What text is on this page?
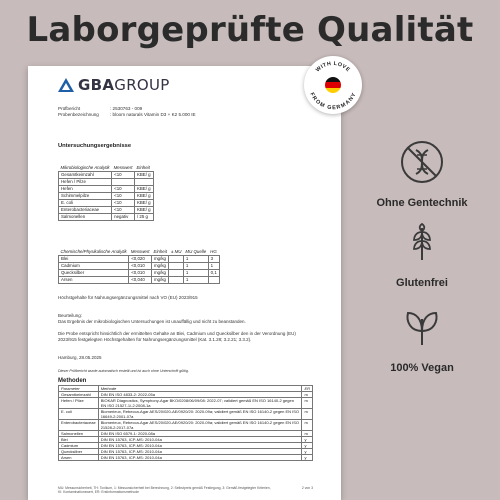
Laborgeprüfte Qualität
GBAGROUP
Prüfbericht	: 2530763 - 009
Probenbezeichnung	: bloom naturals Vitamin D3 + K2 5.000 IE
Untersuchungsergebnisse
Mikrobiologische Analytik	Messwert	Einheit
Gesamtkeimzahl	<10	KBE/ g
Hefen / Pilze		
Hefen	<10	KBE/ g
Schimmelpilze	<10	KBE/ g
E. coli	<10	KBE/ g
Enterobacteriaceae	<10	KBE/ g
Salmonellen	negativ	/ 25 g
Chemische/Physikalische Analytik	Messwert	Einheit	± MU	MU Quelle	HG
Blei	<0,020	mg/kg		1	3
Cadmium	<0,010	mg/kg		1	1
Quecksilber	<0,010	mg/kg		1	0,1
Arsen	<0,040	mg/kg		1	
Höchstgehalte für Nahrungsergänzungsmittel nach VO (EU) 2023/915
Beurteilung:
Das Ergebnis der mikrobiologischen Untersuchungen ist unauffällig und nicht zu beanstanden.
Die Probe entspricht hinsichtlich der ermittelten Gehalte an Blei, Cadmium und Quecksilber den in der Verordnung (EU) 2023/915 festgelegten Höchstgehalten für Nahrungsergänzungsmittel (Kat. 3.1.28; 3.2.21; 3.3.2).
Hamburg, 28.05.2025
Dieser Prüfbericht wurde automatisch erstellt und ist auch ohne Unterschrift gültig.
Methoden
Parameter	Methode	ER
Gesamtkeimzahl	DIN EN ISO 4833-2: 2022-05a	m
Hefen / Pilze	BIOKAR Diagnostics, Symphony-Agar BKO/0208/06/09/08: 2022-07; validiert gemäß EN ISO 16140-2 gegen EN ISO 21527-1/-2:2008-1a	m
E. coli	Biomerieux, Rebecca-Agar AES/20/020-AE/0920/20: 2020-09a; validiert gemäß EN ISO 16140-2 gegen EN ISO 16649-2:2001-07a	m
Enterobacteriaceae	Biomerieux, Rebecca-Agar AES/20/020-AE/0920/20: 2020-09a; validiert gemäß EN ISO 16140-2 gegen EN ISO 21528-2:2017-07a	m
Salmonellen	DIN EN ISO 6579-1: 2020-08a	m
Blei	DIN EN 15763, ICP-MS: 2010-04a	y
Cadmium	DIN EN 15763, ICP-MS: 2010-04a	y
Quecksilber	DIN EN 15763, ICP-MS: 2010-04a	y
Arsen	DIN EN 15763, ICP-MS: 2010-04a	y
MU: Messunsicherheit, TH: Toxikum, 1: Messunsicherheit bei Berechnung, 2: Selbstpreis gemäß Festlegung, 3: Gemäß festgelegter Kriterien, KI: Kontaminationswert, ER: Erstinformationsmethode
2 von 3
WITH LOVE
FROM GERMANY
Ohne Gentechnik
Glutenfrei
100% Vegan
